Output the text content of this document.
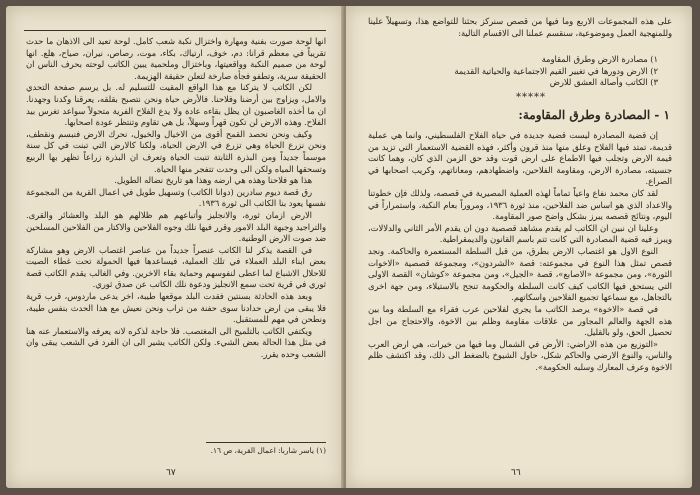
انها لوحة صورت بفنية ومهارة واختزال نكبة شعب كامل. لوحة تعيد الى الاذهان ما حدث تقريباً في معظم قرانا: دم، خوف، ارتياك، بكاء، موت، رصاص، نيران، صياح، هلع. انها لوحة من صميم النكبة وواقعيتها، وباختزال وملحمية يبين الكاتب لوحته بحرف الناس ان الحقيقة سرية، وتطفو فجأة صارخة لتعلن حقيقة الهزيمة.

لكن الكاتب لا يتركنا مع هذا الواقع المقيت للتسليم له. بل يرسم صفحة التحدي والامل، ويزاوج بين أرضنا وفلاحنا. فالأرض حياة ونحن نتصبح بقلقه، يعرقنا وكدنا وجهدنا. ان ما أخذه الغاصبون ان يظل بقاءه عادة ولا يدع الفلاح الفرية متحولاً سواعد تغرس بيد الفلاح. وهذه الارض لن تكون قهراً وسهلاً، بل هي تقاوم وتنتظر عودة اصحابها.

وكيف ونحن نحصد القمح أقوى من الاخيال والخيول، نحرك الارض فنبسم ونقطف، ونحن نزرع الحياة وهي تزرع في الارض الحياة، ولكنا كالارض التي تبنت في كل سنة موسماً جديداً ومن البذرة الثابتة تنبت الحياة وتعرف ان البذرة زراعاً تظهر بها الربيع وتسحقها المياه ولكن الى وحدت تتفجر منها الحياة.

هذا هو فلاحنا وهذه هي ارضه وهذا هو تاريخ نضاله الطويل.

رق قصة ديوم سادرين (دوانا الكاتب) وتسهيل طويل في اعمال القرية من المجموعة نفسها يعود بنا الكاتب الى ثورة ١٩٣٦.

الارض ازمان ثورة، والانجليز وأتباعهم هم ظلالهم هو البلد والعشائر والقرى. والتراجيد وجبهة البلد الامور وقرر فيها نلك وجوه الفلاحين والاكتار من الفلاحين المسلحين ضد صوت الارض الوطنية.

في القصة يذكر لنا الكاتب عنصراً جديداً من عناصر اغتصاب الارض وهو مشاركة بعض ابناء البلد العملاء في تلك العملية، فيساعدها فيها الحمولة تحت غطاء الصيت للاحلال الاشباع لما اعطى لنفوسهم وحماية بقاء الاخرين. وفي الغالب يقدم الكاتب قصة ثوري في قرية تحت سمع الانجليز ودعوة نلك الكاتب عن صدق ثوري.

وبعد هذه الحادثة بسنتين فقدت البلد موقعها طيبة، اخر يدعى ماردوس، قرب قرية فلا يبقى من ارض حدادنا سوى حفنة من تراب ونحن نعيش مع هذا الحدث بنفس طيبة، ونطحن في مهم للمستقبل.

ويكتفي الكاتب بالتلميح الى المغتصب. فلا حاجة لذكره لانه يعرفه والاستعمار عنه هنا في مثل هذا الحالة بعض الشيء. ولكن الكاتب يشير الى ان الفرد في الشعب يبقى وان الشعب وحده يقرر.

(١) ياسر شاربا: اعمال القرية، ص ١٦.

٦٧

على هذه المجموعات الاربع وما فيها من قصص سنركز بحثنا للتواضع هذا، وتسهيلاً علينا وللمنهجية العمل وموضوعية، سنقسم عملنا الى الاقسام التالية:

١) مصادرة الارض وطرق المقاومة

٢) الارض ودورها في تغيير القيم الاجتماعية والحياتية القديمة

٣) الكاتب وأصالة العشق للارض

*****
١ - المصادرة وطرق المقاومة:

إن قضية المصادرة ليست قضية جديدة في حياة الفلاح الفلسطيني، وانما هي عملية قديمة، تمتد فيها الفلاح وعلق منها منذ قرون وأكثر، فهذه القضية الاستعمار التي تزيد من قيمة الارض وتجلب فيها الاطماع على ارض قوت وقد حق الزمن الذي كان، وهما كانت جنسيته، مصادرة الارض، ومقاومة الفلاحين، واضطهادهم، ومعاناتهم، وكريب اصحابها في الصراع.

لقد كان محمد نفاع واعياً تماماً لهذه العملية المصيرية في قصصه، ولذلك فإن خطوتنا والاعداد الذي هو اساس ضد الفلاحين، منذ ثورة ١٩٣٦، ومروراً بعام النكبة، واستمراراً في اليوم، ونتائج قصصه يبرز بشكل واضح صور المقاومة.

وعلينا ان نبين ان الكاتب لم يقدم مشاهد قصصية دون ان يقدم الأمر الثاني والدلالات، ويبرز فيه قضية المصادرة التي كانت تتم باسم القانون والديمقراطية.

النوع الاول هو اغتصاب الارض بطرق، من قبل السلطة المستعمرة والحاكمة. ونجد قصص تمثل هذا النوع في مجموعته: قصة «الشردون»، ومجموعة قصصية «الاخوات الثورة»، ومن مجموعة «الاصابع»، قصة «الجيل»، ومن مجموعة «كوشان» القصة الاولى التي يستحق فيها الكاتب كيف كانت السلطة والحكومة تنجح بالاستيلاء، ومن جهة اخرى بالتجاهل، مع سماعها تجميع الفلاحين واسكاتهم.

في قصة «الاخوة» يرصد الكاتب ما يجري لفلاحين عرب فقراء مع السلطة وما بين هذه الجهة والعالم المجاور من علاقات مقاومة وظلم بين الاخوة، والاحتجاج من اجل تحصيل الحق، ولو بالقليل.

«التوزيع من هذه الاراضي: الأرض في الشمال وما فيها من خيرات، هي ارض العرب والناس، والنوع الارضي والحاكم شكل، حاول الشيوخ بالضغط الى ذلك، وقد اكتشف ظلم الاخوة وعرف المعارك وسلبه الحكومة».

٦٦
